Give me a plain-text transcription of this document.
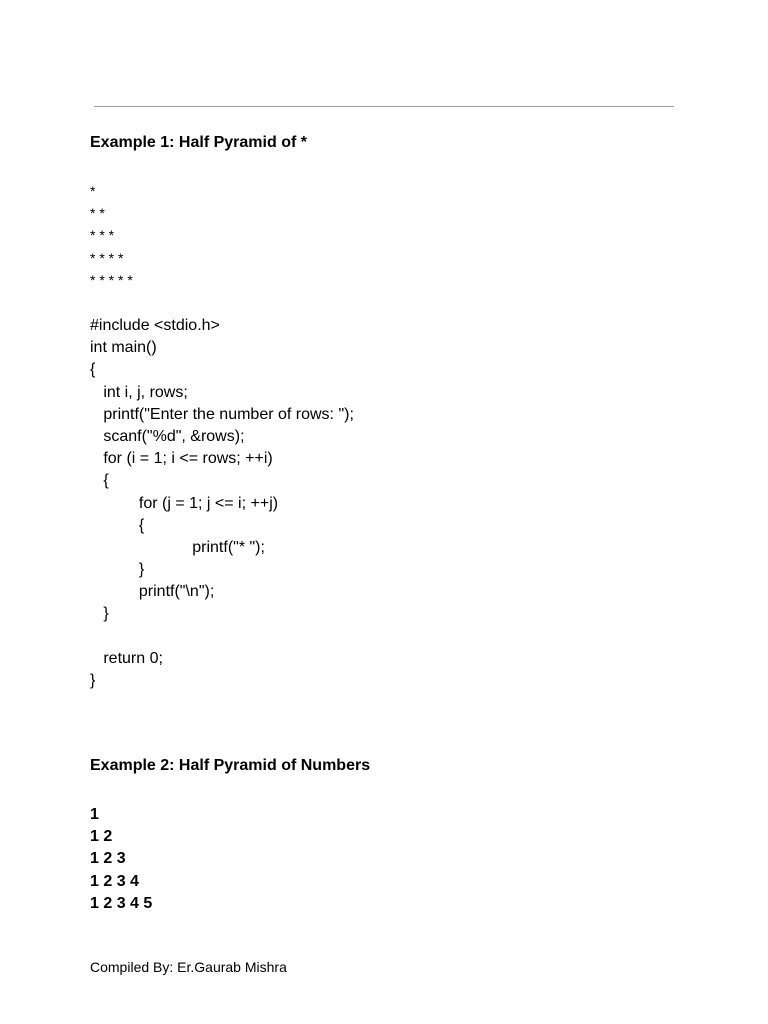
Example 1: Half Pyramid of *
*
* *
* * *
* * * *
* * * * *
#include <stdio.h>
int main()
{
int i, j, rows;
printf("Enter the number of rows: ");
scanf("%d", &rows);
for (i = 1; i <= rows; ++i)
{
for (j = 1; j <= i; ++j)
{
printf("* ");
}
printf("\n");
}
return 0;
}
Example 2: Half Pyramid of Numbers
1
1 2
1 2 3
1 2 3 4
1 2 3 4 5
Compiled By: Er.Gaurab Mishra
